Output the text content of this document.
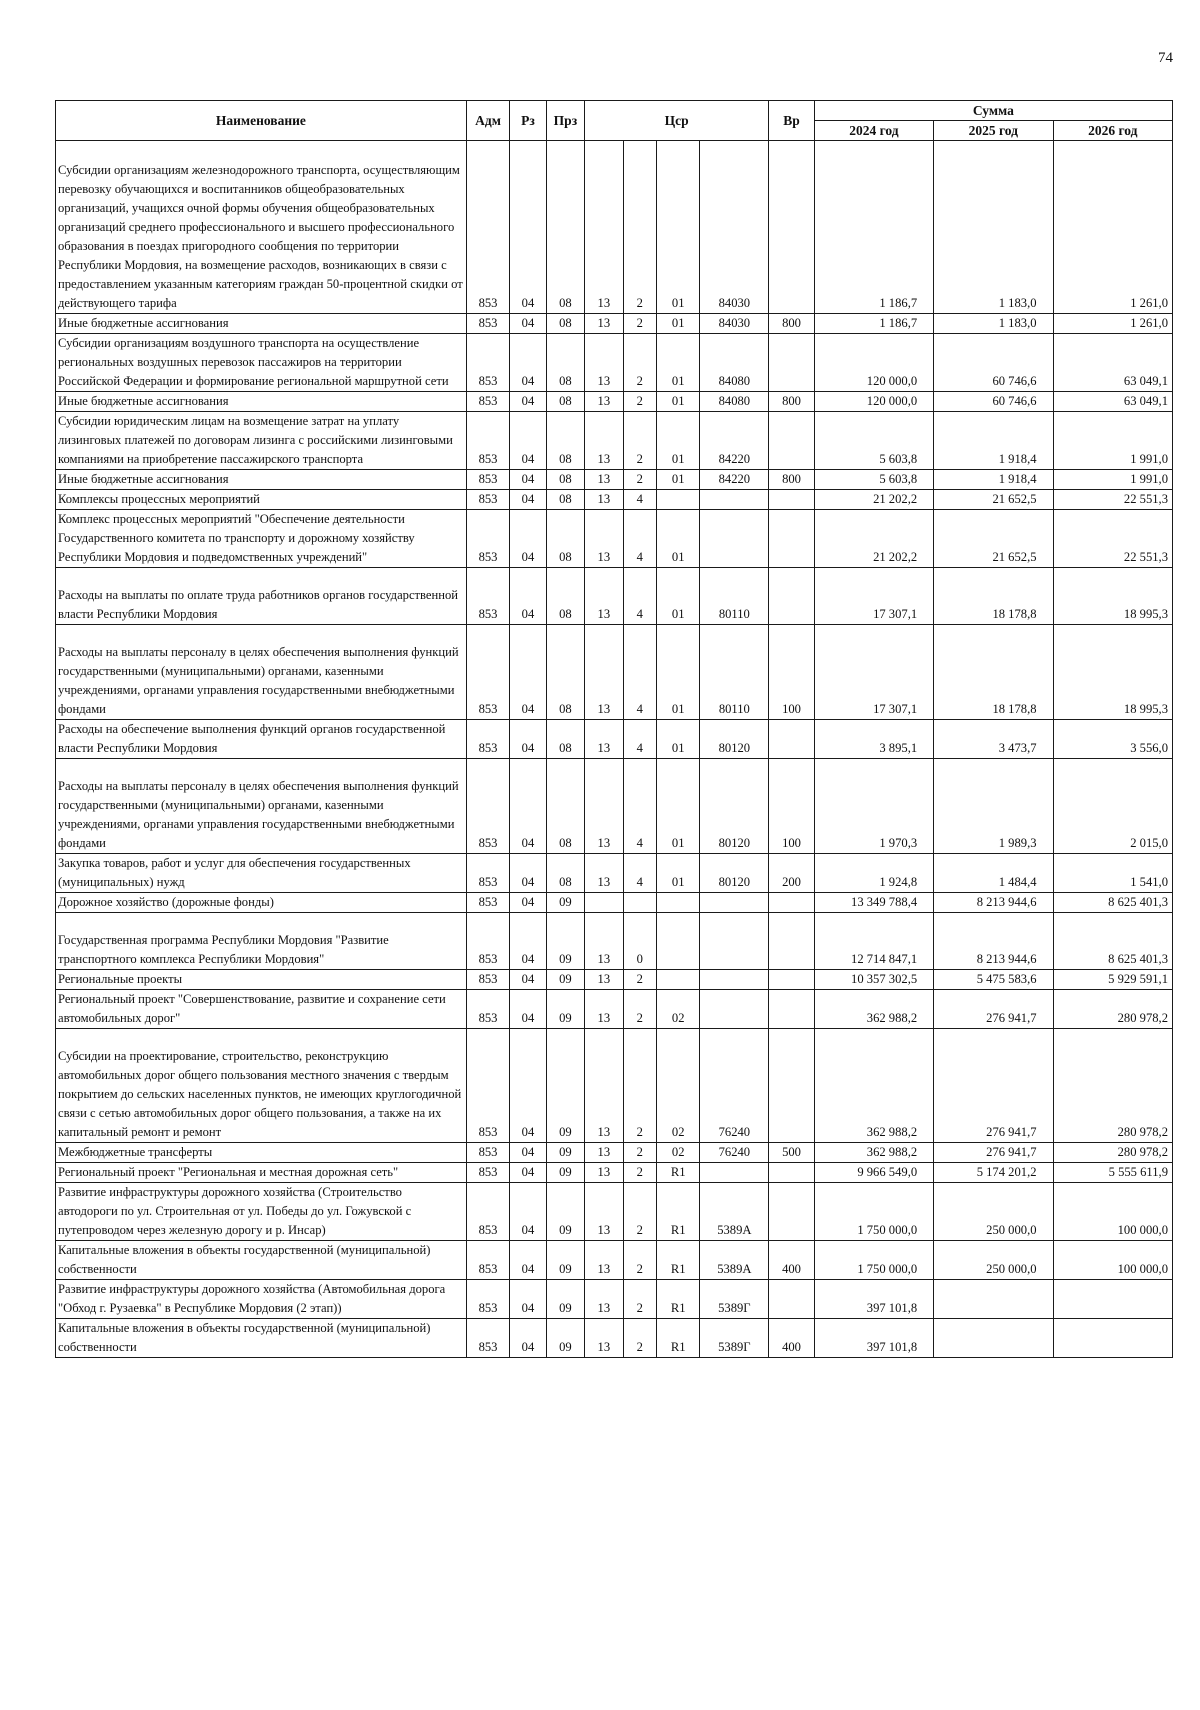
74
Наименование	Адм	Рз	Прз	Цср				Вр	Сумма		
									2024 год	2025 год	2026 год
Субсидии организациям железнодорожного транспорта, осуществляющим перевозку обучающихся и воспитанников общеобразовательных организаций, учащихся очной формы обучения общеобразовательных организаций среднего профессионального и высшего профессионального образования в поездах пригородного сообщения по территории Республики Мордовия, на возмещение расходов, возникающих в связи с предоставлением указанным категориям граждан 50-процентной скидки от действующего тарифа	853	04	08	13	2	01	84030		1 186,7	1 183,0	1 261,0
Иные бюджетные ассигнования	853	04	08	13	2	01	84030	800	1 186,7	1 183,0	1 261,0
Субсидии организациям воздушного транспорта на осуществление региональных воздушных перевозок пассажиров на территории Российской Федерации и формирование региональной маршрутной сети	853	04	08	13	2	01	84080		120 000,0	60 746,6	63 049,1
Иные бюджетные ассигнования	853	04	08	13	2	01	84080	800	120 000,0	60 746,6	63 049,1
Субсидии юридическим лицам на возмещение затрат на уплату лизинговых платежей по договорам лизинга с российскими лизинговыми компаниями на приобретение пассажирского транспорта	853	04	08	13	2	01	84220		5 603,8	1 918,4	1 991,0
Иные бюджетные ассигнования	853	04	08	13	2	01	84220	800	5 603,8	1 918,4	1 991,0
Комплексы процессных мероприятий	853	04	08	13	4				21 202,2	21 652,5	22 551,3
Комплекс процессных мероприятий "Обеспечение деятельности Государственного комитета по транспорту и дорожному хозяйству Республики Мордовия и подведомственных учреждений"	853	04	08	13	4	01			21 202,2	21 652,5	22 551,3
Расходы на выплаты по оплате труда работников органов государственной власти Республики Мордовия	853	04	08	13	4	01	80110		17 307,1	18 178,8	18 995,3
Расходы на выплаты персоналу в целях обеспечения выполнения функций государственными (муниципальными) органами, казенными учреждениями, органами управления государственными внебюджетными фондами	853	04	08	13	4	01	80110	100	17 307,1	18 178,8	18 995,3
Расходы на обеспечение выполнения функций органов государственной власти Республики Мордовия	853	04	08	13	4	01	80120		3 895,1	3 473,7	3 556,0
Расходы на выплаты персоналу в целях обеспечения выполнения функций государственными (муниципальными) органами, казенными учреждениями, органами управления государственными внебюджетными фондами	853	04	08	13	4	01	80120	100	1 970,3	1 989,3	2 015,0
Закупка товаров, работ и услуг для обеспечения государственных (муниципальных) нужд	853	04	08	13	4	01	80120	200	1 924,8	1 484,4	1 541,0
Дорожное хозяйство (дорожные фонды)	853	04	09						13 349 788,4	8 213 944,6	8 625 401,3
Государственная программа Республики Мордовия "Развитие транспортного комплекса Республики Мордовия"	853	04	09	13	0				12 714 847,1	8 213 944,6	8 625 401,3
Региональные проекты	853	04	09	13	2				10 357 302,5	5 475 583,6	5 929 591,1
Региональный проект "Совершенствование, развитие и сохранение сети автомобильных дорог"	853	04	09	13	2	02			362 988,2	276 941,7	280 978,2
Субсидии на проектирование, строительство, реконструкцию автомобильных дорог общего пользования местного значения с твердым покрытием до сельских населенных пунктов, не имеющих круглогодичной связи с сетью автомобильных дорог общего пользования, а также на их капитальный ремонт и ремонт	853	04	09	13	2	02	76240		362 988,2	276 941,7	280 978,2
Межбюджетные трансферты	853	04	09	13	2	02	76240	500	362 988,2	276 941,7	280 978,2
Региональный проект "Региональная и местная дорожная сеть"	853	04	09	13	2	R1			9 966 549,0	5 174 201,2	5 555 611,9
Развитие инфраструктуры дорожного хозяйства (Строительство автодороги по ул. Строительная от ул. Победы до ул. Гожувской с путепроводом через железную дорогу и р. Инсар)	853	04	09	13	2	R1	5389А		1 750 000,0	250 000,0	100 000,0
Капитальные вложения в объекты государственной (муниципальной) собственности	853	04	09	13	2	R1	5389А	400	1 750 000,0	250 000,0	100 000,0
Развитие инфраструктуры дорожного хозяйства (Автомобильная дорога "Обход г. Рузаевка" в Республике Мордовия (2 этап))	853	04	09	13	2	R1	5389Г		397 101,8		
Капитальные вложения в объекты государственной (муниципальной) собственности	853	04	09	13	2	R1	5389Г	400	397 101,8		
